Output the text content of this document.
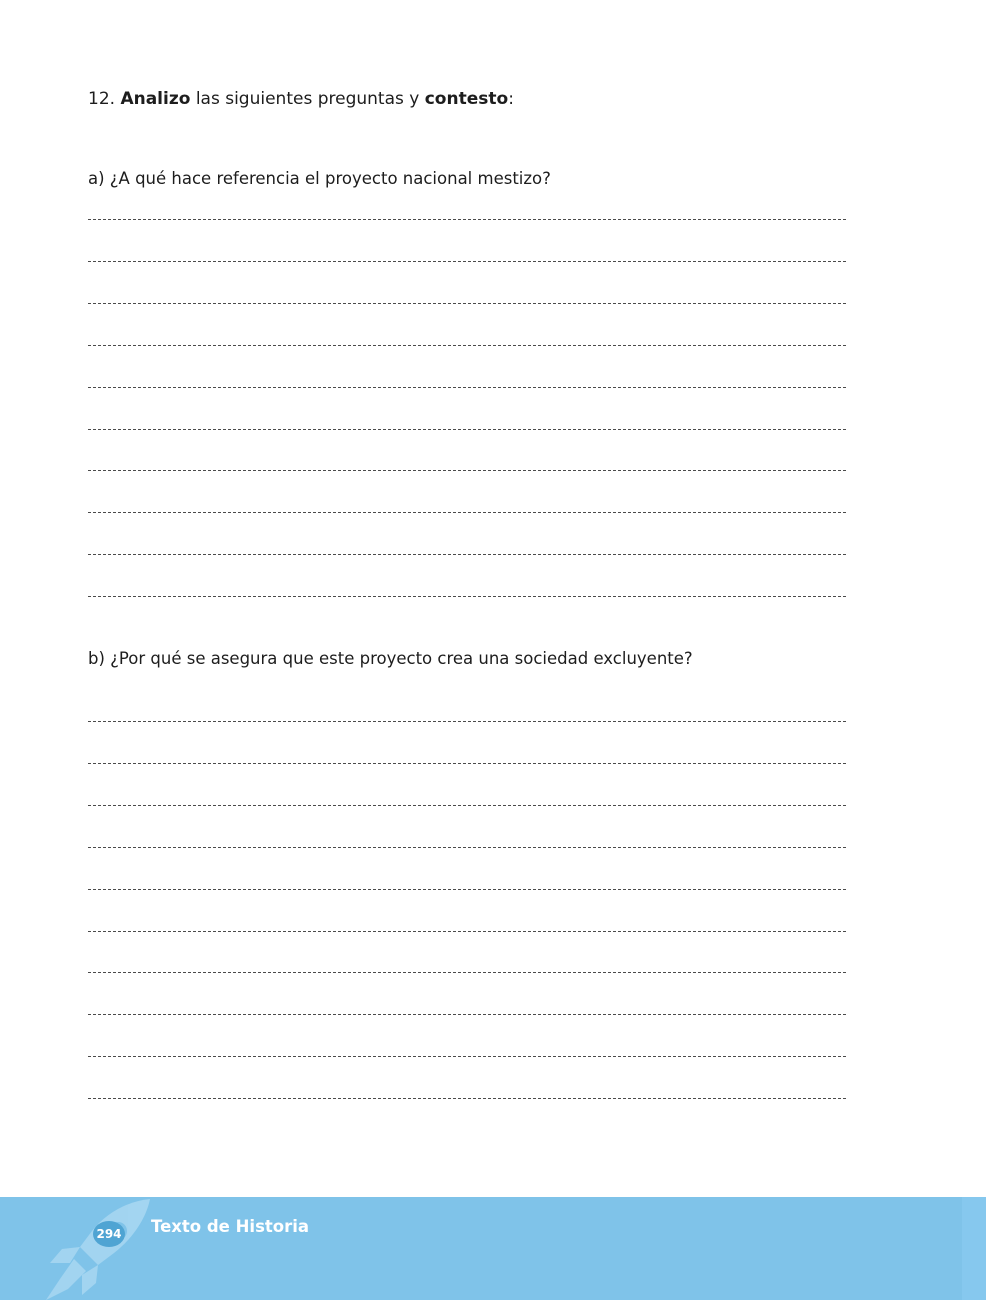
12. Analizo las siguientes preguntas y contesto:

a) ¿A qué hace referencia el proyecto nacional mestizo?

b) ¿Por qué se asegura que este proyecto crea una sociedad excluyente?

294 Texto de Historia
